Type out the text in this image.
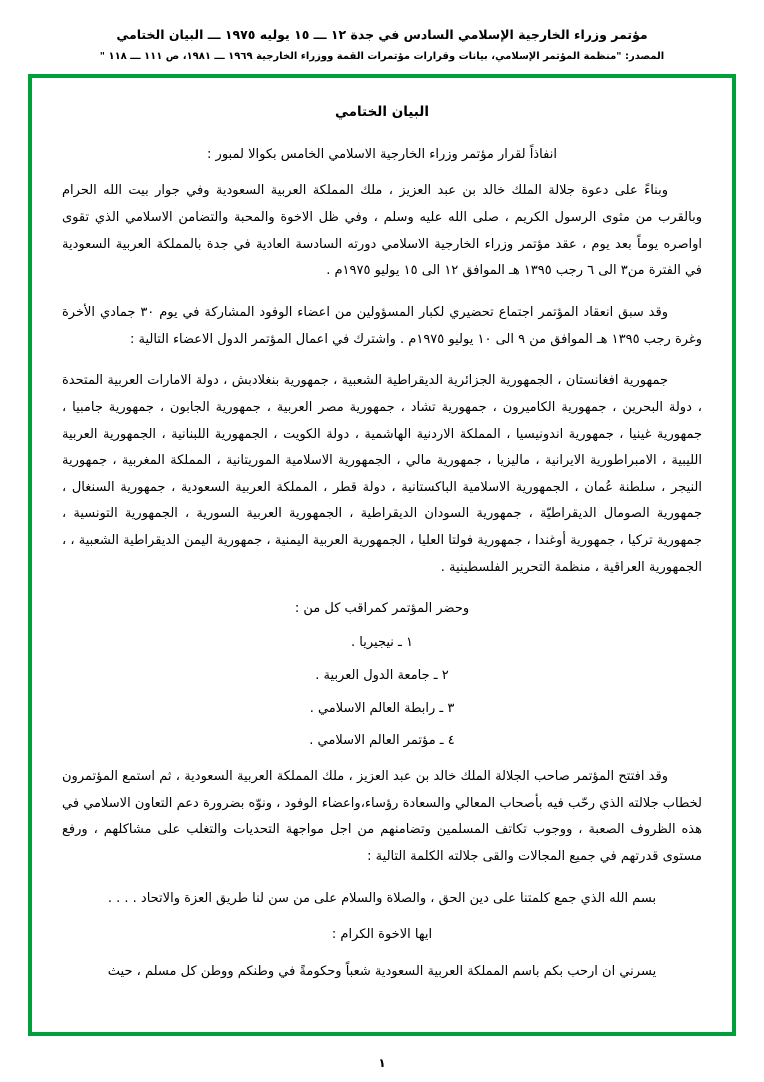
مؤتمر وزراء الخارجية الإسلامي السادس في جدة ١٢ ـــ ١٥ يوليه ١٩٧٥ ـــ البيان الختامي
المصدر: "منظمة المؤتمر الإسلامي، بيانات وقرارات مؤتمرات القمة ووزراء الخارجية ١٩٦٩ ـــ ١٩٨١، ص ١١١ ـــ ١١٨ "
البيان الختامي

انفاذاً لقرار مؤتمر وزراء الخارجية الاسلامي الخامس بكوالا لمبور :

وبناءً على دعوة جلالة الملك خالد بن عبد العزيز ، ملك المملكة العربية السعودية وفي جوار بيت الله الحرام وبالقرب من مثوى الرسول الكريم ، صلى الله عليه وسلم ، وفي ظل الاخوة والمحبة والتضامن الاسلامي الذي تقوى اواصره يوماً بعد يوم ، عقد مؤتمر وزراء الخارجية الاسلامي دورته السادسة العادية في جدة بالمملكة العربية السعودية في الفترة من٣ الى ٦ رجب ١٣٩٥ هـ الموافق ١٢ الى ١٥ يوليو ١٩٧٥م .

وقد سبق انعقاد المؤتمر اجتماع تحضيري لكبار المسؤولين من اعضاء الوفود المشاركة في يوم ٣٠ جمادي الأخرة وغرة رجب ١٣٩٥ هـ الموافق من ٩ الى ١٠ يوليو ١٩٧٥م . واشترك في اعمال المؤتمر الدول الاعضاء التالية :

جمهورية افغانستان ، الجمهورية الجزائرية الديقراطية الشعبية ، جمهورية بنغلادبش ، دولة الامارات العربية المتحدة ، دولة البحرين ، جمهورية الكاميرون ، جمهورية تشاد ، جمهورية مصر العربية ، جمهورية الجابون ، جمهورية جامبيا ، جمهورية غينيا ، جمهورية اندونيسيا ، المملكة الاردنية الهاشمية ، دولة الكويت ، الجمهورية اللبنانية ، الجمهورية العربية الليبية ، الامبراطورية الايرانية ، ماليزيا ، جمهورية مالي ، الجمهورية الاسلامية الموريتانية ، المملكة المغربية ، جمهورية النيجر ، سلطنة عُمان ، الجمهورية الاسلامية الباكستانية ، دولة قطر ، المملكة العربية السعودية ، جمهورية السنغال ، جمهورية الصومال الديقراطيّة ، جمهورية السودان الديقراطية ، الجمهورية العربية السورية ، الجمهورية التونسية ، جمهورية تركيا ، جمهورية أوغندا ، جمهورية فولتا العليا ، الجمهورية العربية اليمنية ، جمهورية اليمن الديقراطية الشعبية ، ، الجمهورية العراقية ، منظمة التحرير الفلسطينية .

وحضر المؤتمر كمراقب كل من :

١ ـ نيجيريا .

٢ ـ جامعة الدول العربية .

٣ ـ رابطة العالم الاسلامي .

٤ ـ مؤتمر العالم الاسلامي .

وقد افتتح المؤتمر صاحب الجلالة الملك خالد بن عبد العزيز ، ملك المملكة العربية السعودية ، ثم استمع المؤتمرون لخطاب جلالته الذي رحّب فيه بأصحاب المعالي والسعادة رؤساء،واعضاء الوفود ، ونوّه بضرورة دعم التعاون الاسلامي في هذه الظروف الصعبة ، ووجوب تكاتف المسلمين وتضامنهم من اجل مواجهة التحديات والتغلب على مشاكلهم ، ورفع مستوى قدرتهم في جميع المجالات والقى جلالته الكلمة التالية :

بسم الله الذي جمع كلمتنا على دين الحق ، والصلاة والسلام على من سن لنا طريق العزة والاتحاد . . . .

ايها الاخوة الكرام :

يسرني ان ارحب بكم باسم المملكة العربية السعودية شعباً وحكومةً في وطنكم ووطن كل مسلم ، حيث

١
